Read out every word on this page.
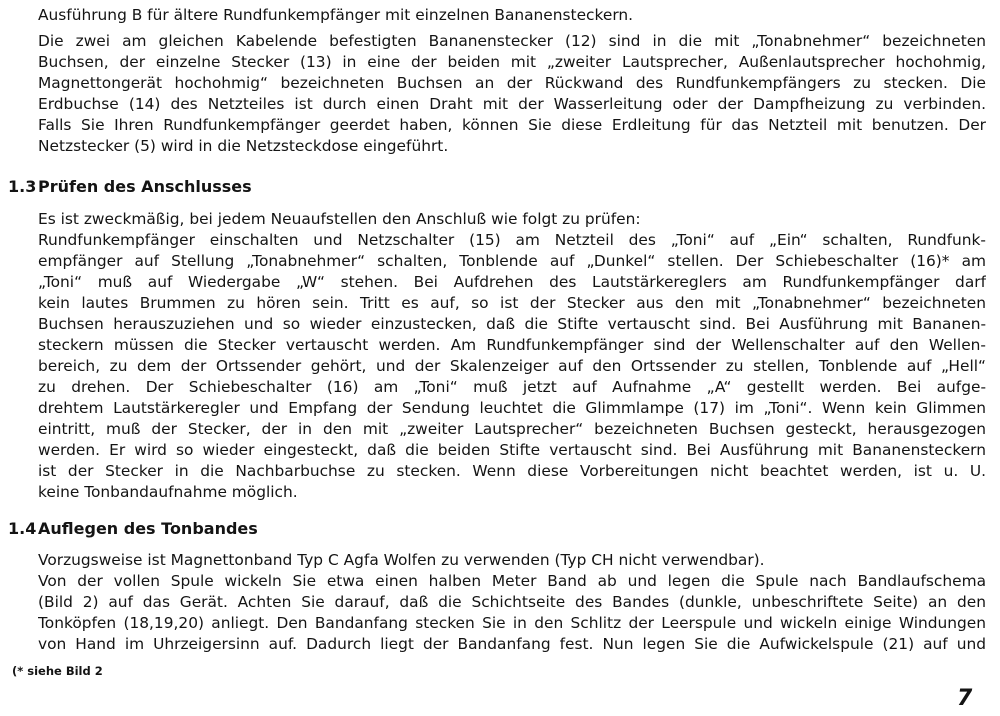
Ausführung B für ältere Rundfunkempfänger mit einzelnen Bananensteckern.
Die zwei am gleichen Kabelende befestigten Bananenstecker (12) sind in die mit „Tonabnehmer“ bezeichneten
Buchsen, der einzelne Stecker (13) in eine der beiden mit „zweiter Lautsprecher, Außenlautsprecher hochohmig,
Magnettongerät hochohmig“ bezeichneten Buchsen an der Rückwand des Rundfunkempfängers zu stecken. Die
Erdbuchse (14) des Netzteiles ist durch einen Draht mit der Wasserleitung oder der Dampfheizung zu verbinden.
Falls Sie Ihren Rundfunkempfänger geerdet haben, können Sie diese Erdleitung für das Netzteil mit benutzen. Der
Netzstecker (5) wird in die Netzsteckdose eingeführt.
1.3 Prüfen des Anschlusses
Es ist zweckmäßig, bei jedem Neuaufstellen den Anschluß wie folgt zu prüfen:
Rundfunkempfänger einschalten und Netzschalter (15) am Netzteil des „Toni“ auf „Ein“ schalten, Rundfunk-
empfänger auf Stellung „Tonabnehmer“ schalten, Tonblende auf „Dunkel“ stellen. Der Schiebeschalter (16)* am
„Toni“ muß auf Wiedergabe „W“ stehen. Bei Aufdrehen des Lautstärkereglers am Rundfunkempfänger darf
kein lautes Brummen zu hören sein. Tritt es auf, so ist der Stecker aus den mit „Tonabnehmer“ bezeichneten
Buchsen herauszuziehen und so wieder einzustecken, daß die Stifte vertauscht sind. Bei Ausführung mit Bananen-
steckern müssen die Stecker vertauscht werden. Am Rundfunkempfänger sind der Wellenschalter auf den Wellen-
bereich, zu dem der Ortssender gehört, und der Skalenzeiger auf den Ortssender zu stellen, Tonblende auf „Hell“
zu drehen. Der Schiebeschalter (16) am „Toni“ muß jetzt auf Aufnahme „A“ gestellt werden. Bei aufge-
drehtem Lautstärkeregler und Empfang der Sendung leuchtet die Glimmlampe (17) im „Toni“. Wenn kein Glimmen
eintritt, muß der Stecker, der in den mit „zweiter Lautsprecher“ bezeichneten Buchsen gesteckt, herausgezogen
werden. Er wird so wieder eingesteckt, daß die beiden Stifte vertauscht sind. Bei Ausführung mit Bananensteckern
ist der Stecker in die Nachbarbuchse zu stecken. Wenn diese Vorbereitungen nicht beachtet werden, ist u. U.
keine Tonbandaufnahme möglich.
1.4 Auflegen des Tonbandes
Vorzugsweise ist Magnettonband Typ C Agfa Wolfen zu verwenden (Typ CH nicht verwendbar).
Von der vollen Spule wickeln Sie etwa einen halben Meter Band ab und legen die Spule nach Bandlaufschema
(Bild 2) auf das Gerät. Achten Sie darauf, daß die Schichtseite des Bandes (dunkle, unbeschriftete Seite) an den
Tonköpfen (18,19,20) anliegt. Den Bandanfang stecken Sie in den Schlitz der Leerspule und wickeln einige Windungen
von Hand im Uhrzeigersinn auf. Dadurch liegt der Bandanfang fest. Nun legen Sie die Aufwickelspule (21) auf und
(* siehe Bild 2
7
